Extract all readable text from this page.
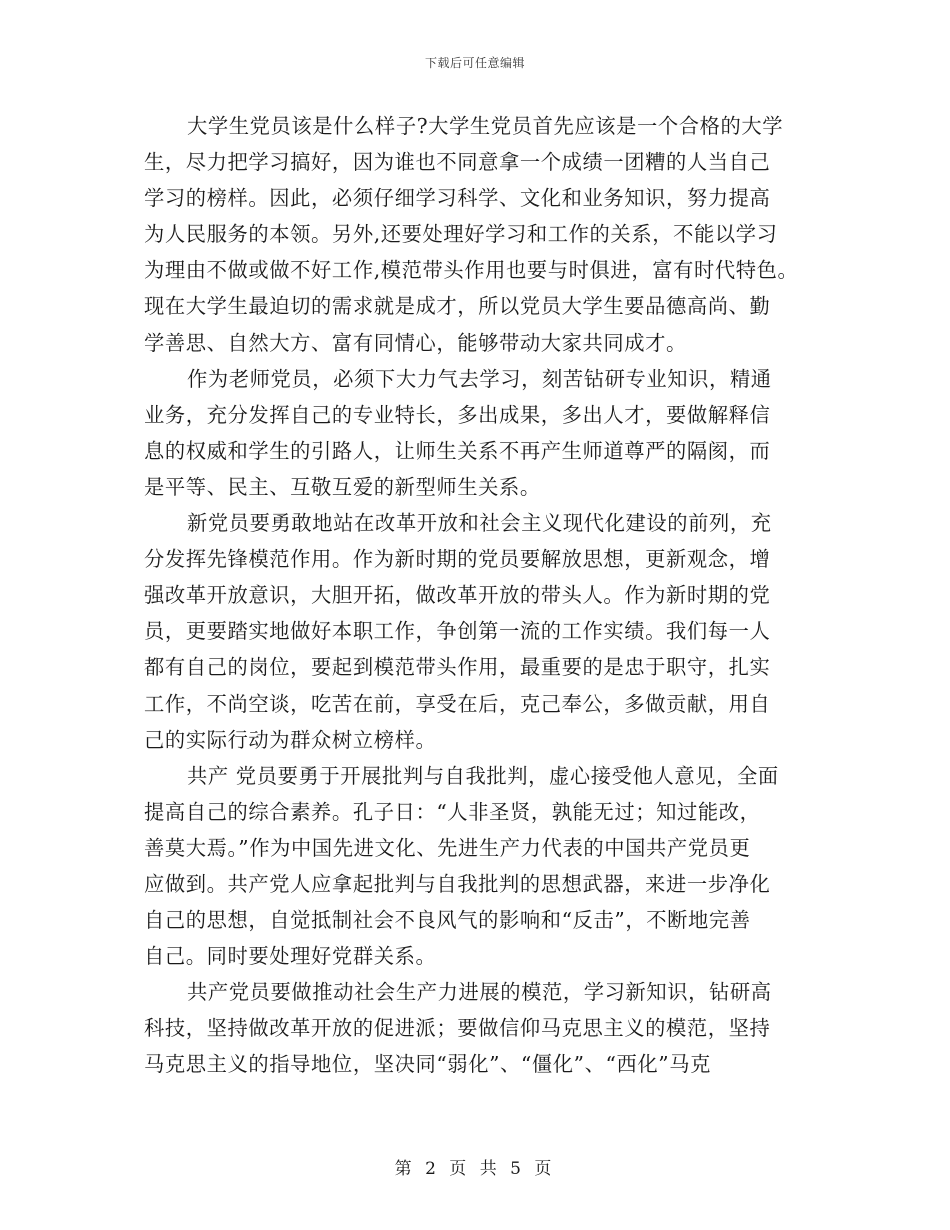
下载后可任意编辑
大学生党员该是什么样子?大学生党员首先应该是一个合格的大学
生，尽力把学习搞好，因为谁也不同意拿一个成绩一团糟的人当自己
学习的榜样。因此，必须仔细学习科学、文化和业务知识，努力提高
为人民服务的本领。另外,还要处理好学习和工作的关系，不能以学习
为理由不做或做不好工作,模范带头作用也要与时俱进，富有时代特色。
现在大学生最迫切的需求就是成才，所以党员大学生要品德高尚、勤
学善思、自然大方、富有同情心，能够带动大家共同成才。
作为老师党员，必须下大力气去学习，刻苦钻研专业知识，精通
业务，充分发挥自己的专业特长，多出成果，多出人才，要做解释信
息的权威和学生的引路人，让师生关系不再产生师道尊严的隔阂，而
是平等、民主、互敬互爱的新型师生关系。
新党员要勇敢地站在改革开放和社会主义现代化建设的前列，充
分发挥先锋模范作用。作为新时期的党员要解放思想，更新观念，增
强改革开放意识，大胆开拓，做改革开放的带头人。作为新时期的党
员，更要踏实地做好本职工作，争创第一流的工作实绩。我们每一人
都有自己的岗位，要起到模范带头作用，最重要的是忠于职守，扎实
工作，不尚空谈，吃苦在前，享受在后，克己奉公，多做贡献，用自
己的实际行动为群众树立榜样。
共产 党员要勇于开展批判与自我批判，虚心接受他人意见，全面
提高自己的综合素养。孔子日：“人非圣贤，孰能无过；知过能改，
善莫大焉。”作为中国先进文化、先进生产力代表的中国共产党员更
应做到。共产党人应拿起批判与自我批判的思想武器，来进一步净化
自己的思想，自觉抵制社会不良风气的影响和“反击”，不断地完善
自己。同时要处理好党群关系。
共产党员要做推动社会生产力进展的模范，学习新知识，钻研高
科技，坚持做改革开放的促进派；要做信仰马克思主义的模范，坚持
马克思主义的指导地位，坚决同“弱化”、“僵化”、“西化”马克
第 2 页 共 5 页
